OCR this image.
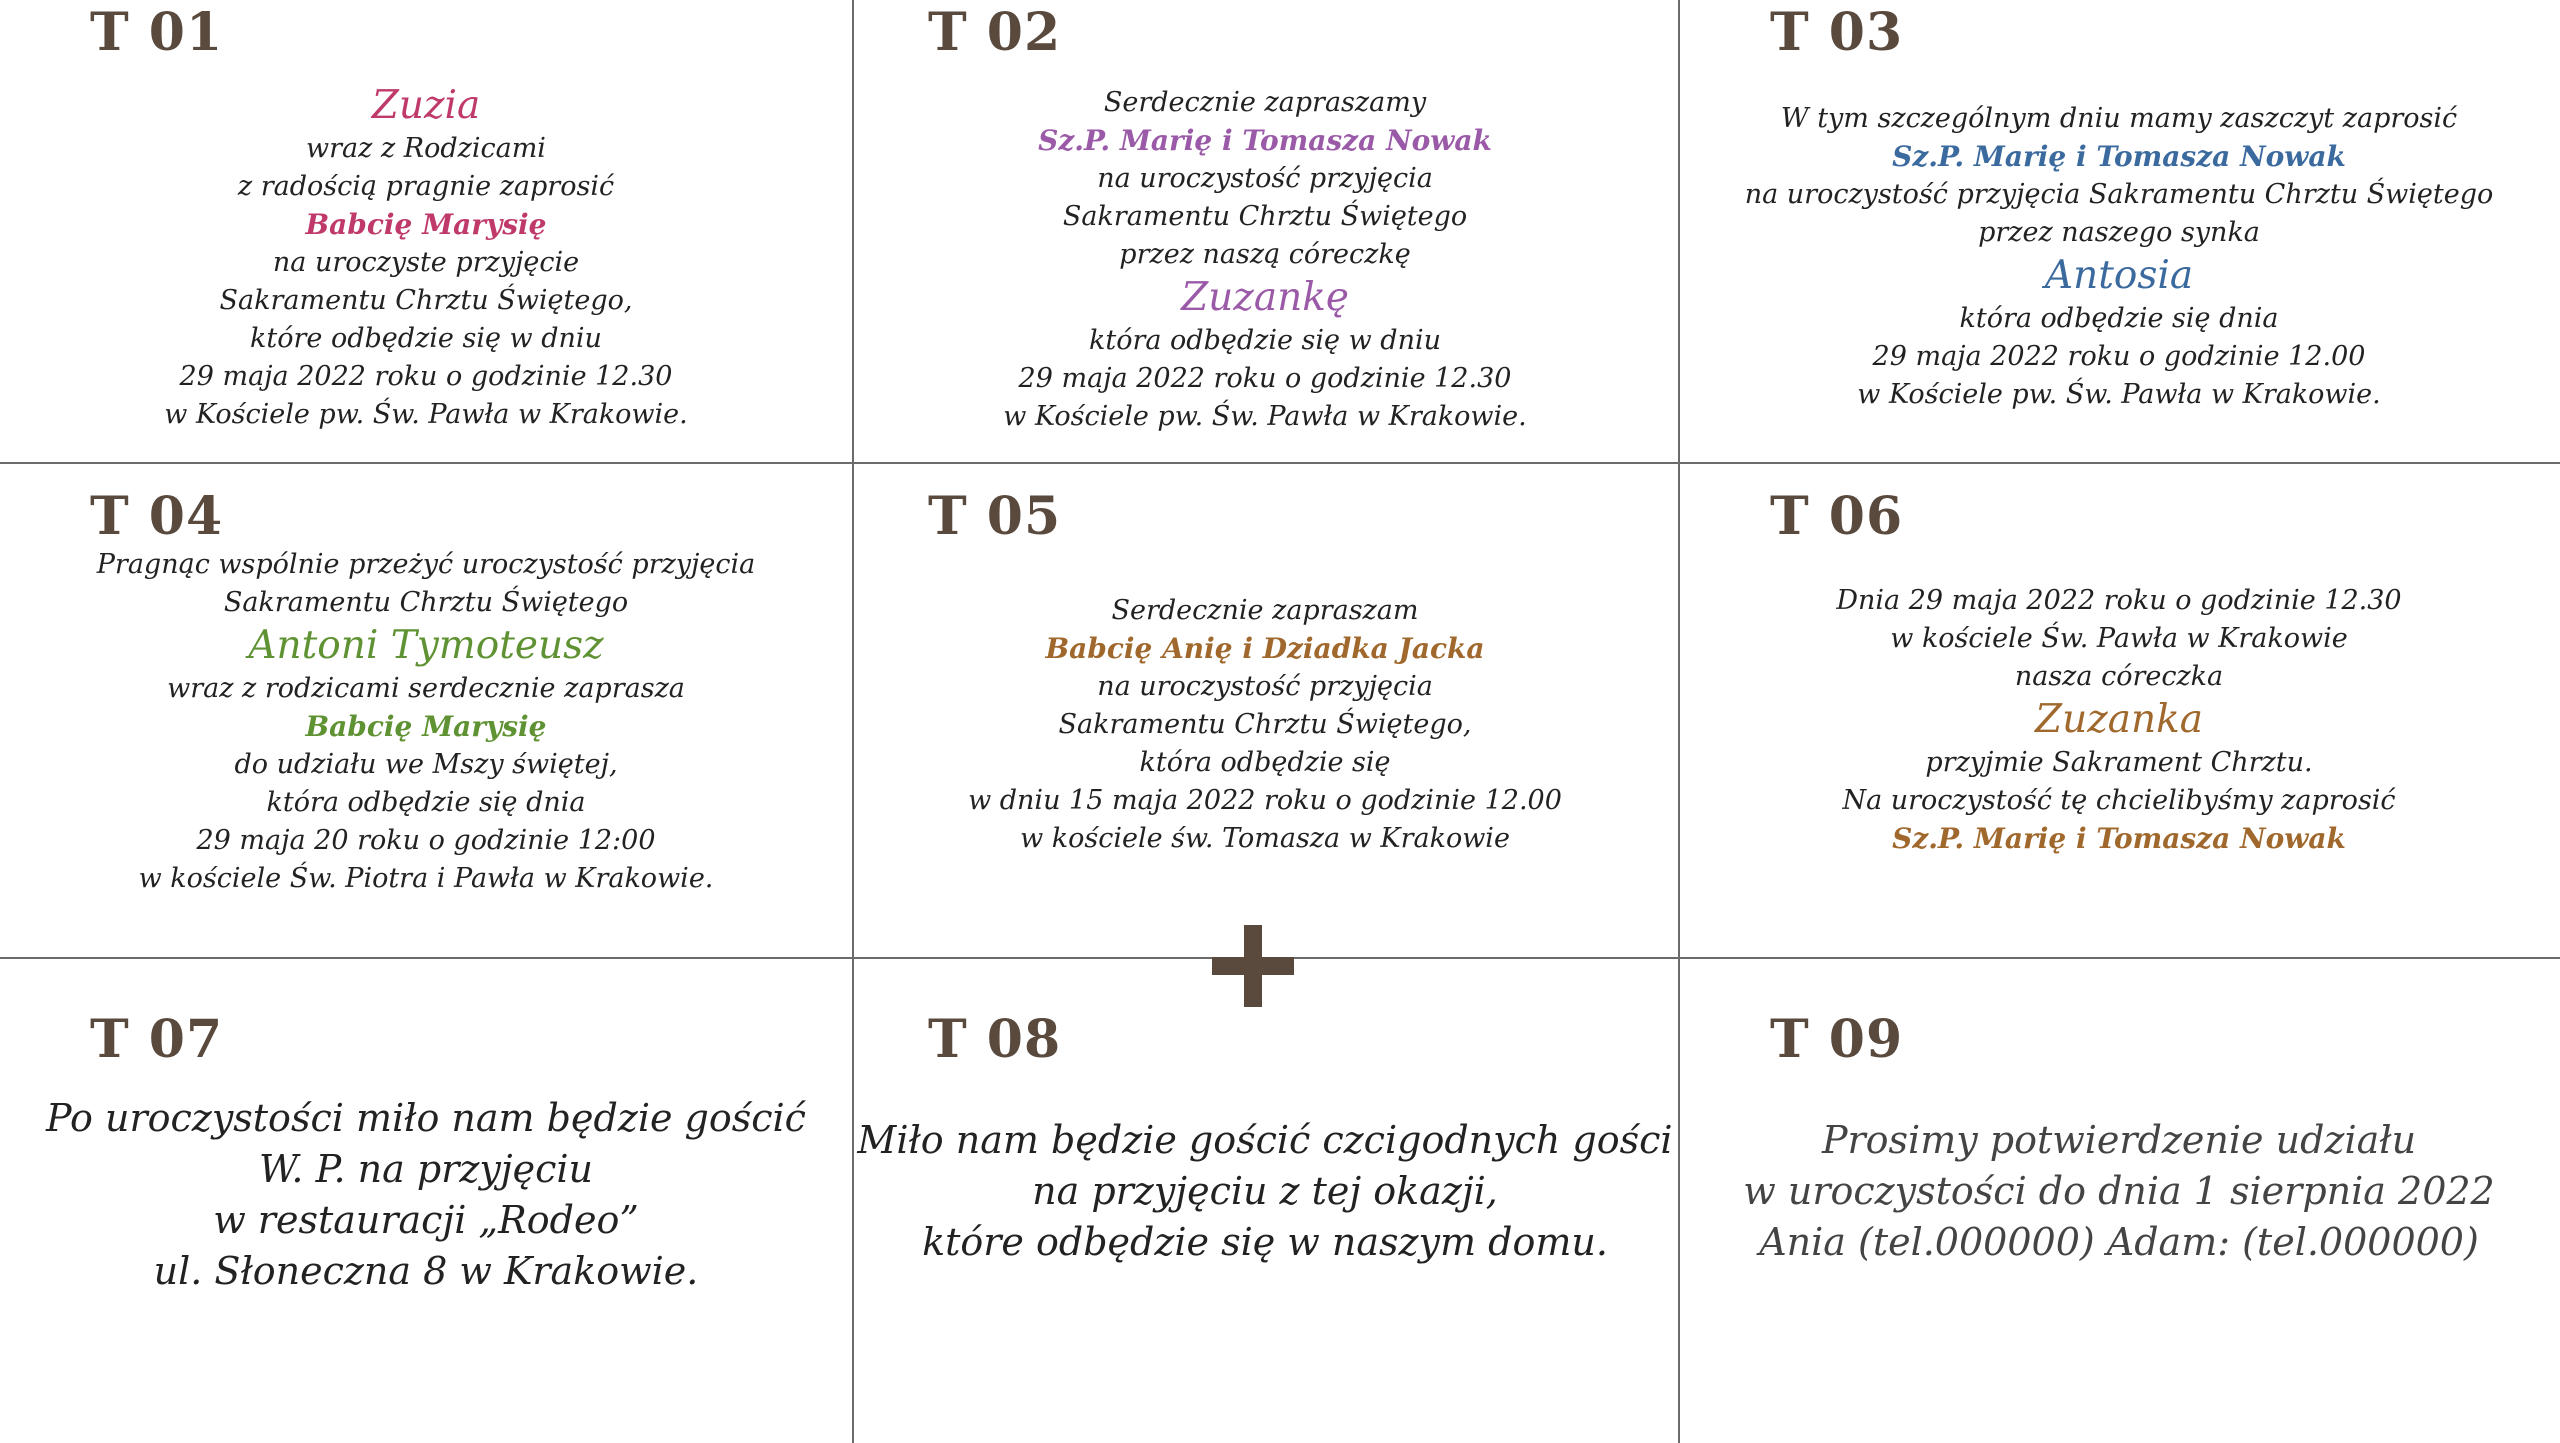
T 01
Zuzia
wraz z Rodzicami
z radością pragnie zaprosić
Babcię Marysię
na uroczyste przyjęcie
Sakramentu Chrztu Świętego,
które odbędzie się w dniu
29 maja 2022 roku o godzinie 12.30
w Kościele pw. Św. Pawła w Krakowie.
T 02
Serdecznie zapraszamy
Sz.P. Marię i Tomasza Nowak
na uroczystość przyjęcia
Sakramentu Chrztu Świętego
przez naszą córeczkę
Zuzankę
która odbędzie się w dniu
29 maja 2022 roku o godzinie 12.30
w Kościele pw. Św. Pawła w Krakowie.
T 03
W tym szczególnym dniu mamy zaszczyt zaprosić
Sz.P. Marię i Tomasza Nowak
na uroczystość przyjęcia Sakramentu Chrztu Świętego
przez naszego synka
Antosia
która odbędzie się dnia
29 maja 2022 roku o godzinie 12.00
w Kościele pw. Św. Pawła w Krakowie.
T 04
Pragnąc wspólnie przeżyć uroczystość przyjęcia
Sakramentu Chrztu Świętego
Antoni Tymoteusz
wraz z rodzicami serdecznie zaprasza
Babcię Marysię
do udziału we Mszy świętej,
która odbędzie się dnia
29 maja 20 roku o godzinie 12:00
w kościele Św. Piotra i Pawła w Krakowie.
T 05
Serdecznie zapraszam
Babcię Anię i Dziadka Jacka
na uroczystość przyjęcia
Sakramentu Chrztu Świętego,
która odbędzie się
w dniu 15 maja 2022 roku o godzinie 12.00
w kościele św. Tomasza w Krakowie
T 06
Dnia 29 maja 2022 roku o godzinie 12.30
w kościele Św. Pawła w Krakowie
nasza córeczka
Zuzanka
przyjmie Sakrament Chrztu.
Na uroczystość tę chcielibyśmy zaprosić
Sz.P. Marię i Tomasza Nowak
T 07
Po uroczystości miło nam będzie gościć
W. P. na przyjęciu
w restauracji „Rodeo”
ul. Słoneczna 8 w Krakowie.
T 08
Miło nam będzie gościć czcigodnych gości
na przyjęciu z tej okazji,
które odbędzie się w naszym domu.
T 09
Prosimy potwierdzenie udziału
w uroczystości do dnia 1 sierpnia 2022
Ania (tel.000000) Adam: (tel.000000)
